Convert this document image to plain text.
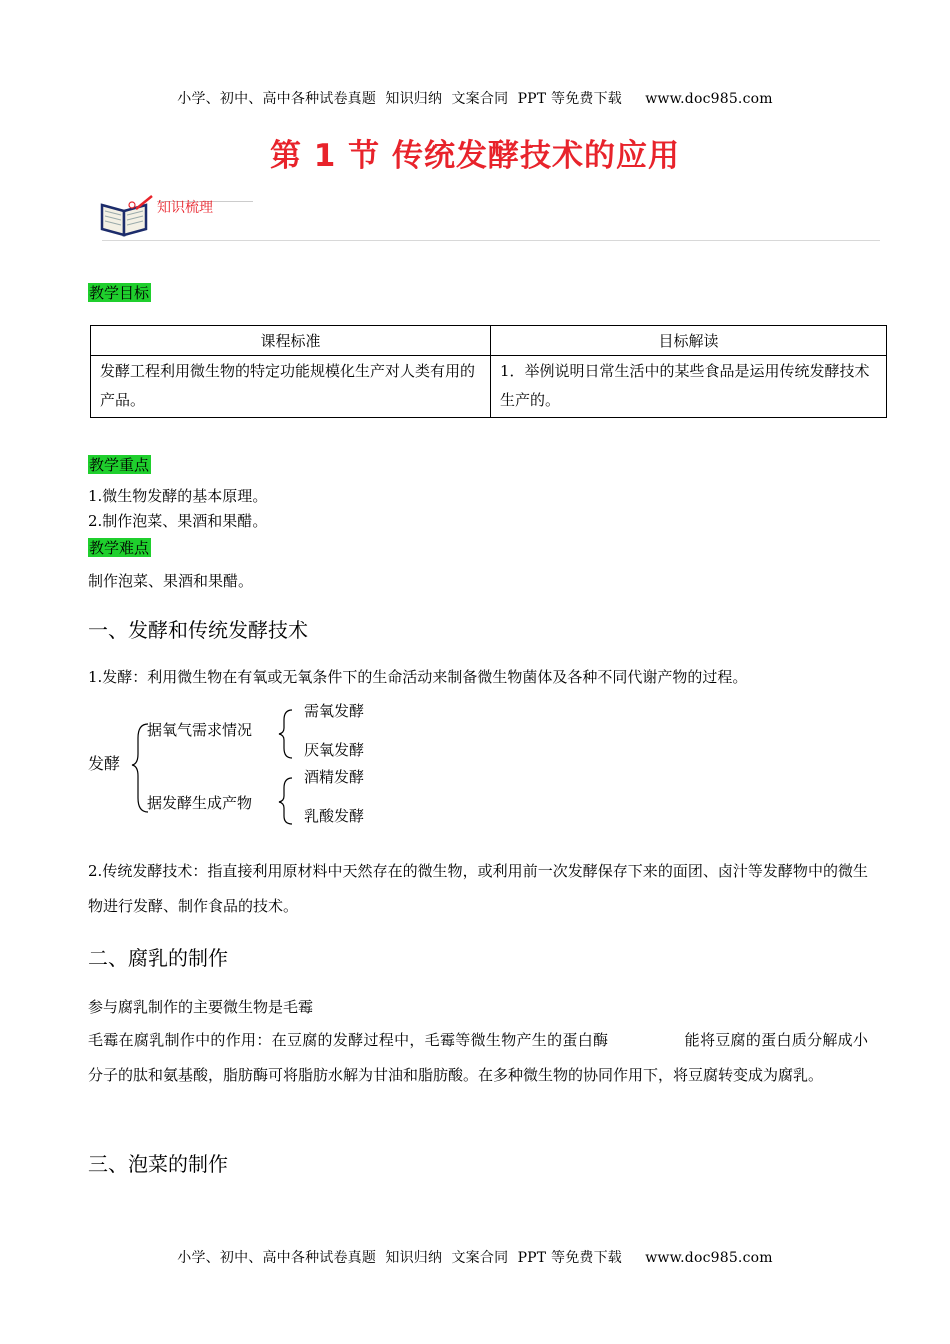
小学、初中、高中各种试卷真题  知识归纳  文案合同  PPT 等免费下载     www.doc985.com
第 1 节 传统发酵技术的应用
知识梳理
教学目标
课程标准	目标解读
发酵工程利用微生物的特定功能规模化生产对人类有用的产品。	1．举例说明日常生活中的某些食品是运用传统发酵技术生产的。
教学重点
1.微生物发酵的基本原理。
2.制作泡菜、果酒和果醋。
教学难点
制作泡菜、果酒和果醋。
一、发酵和传统发酵技术
1.发酵：利用微生物在有氧或无氧条件下的生命活动来制备微生物菌体及各种不同代谢产物的过程。
发酵
据氧气需求情况
据发酵生成产物
需氧发酵
厌氧发酵
酒精发酵
乳酸发酵
2.传统发酵技术：指直接利用原材料中天然存在的微生物，或利用前一次发酵保存下来的面团、卤汁等发酵物中的微生物进行发酵、制作食品的技术。
二、腐乳的制作
参与腐乳制作的主要微生物是毛霉
毛霉在腐乳制作中的作用：在豆腐的发酵过程中，毛霉等微生物产生的蛋白酶	能将豆腐的蛋白质分解成小分子的肽和氨基酸，脂肪酶可将脂肪水解为甘油和脂肪酸。在多种微生物的协同作用下，将豆腐转变成为腐乳。
三、泡菜的制作
小学、初中、高中各种试卷真题  知识归纳  文案合同  PPT 等免费下载     www.doc985.com
